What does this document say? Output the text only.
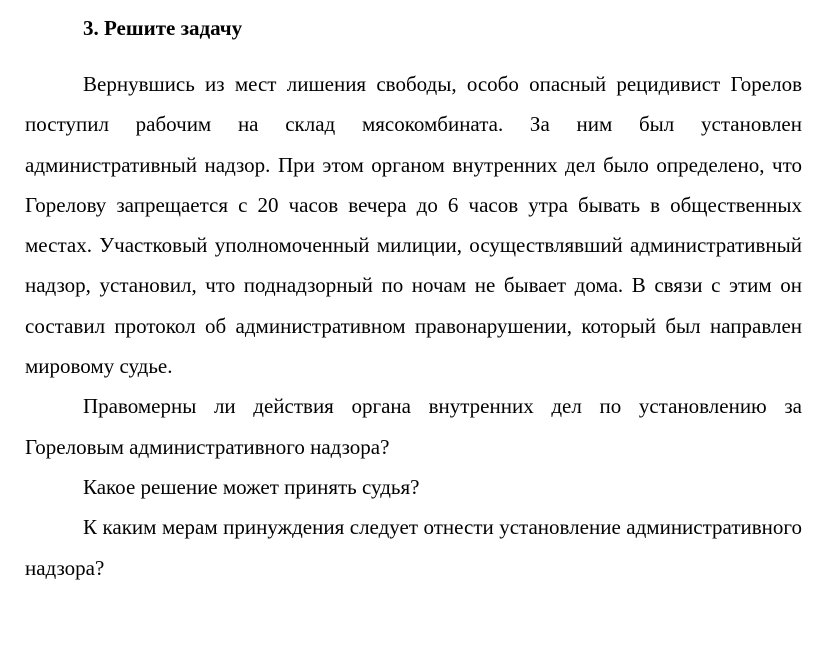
3. Решите задачу

Вернувшись из мест лишения свободы, особо опасный рецидивист Горелов поступил рабочим на склад мясокомбината. За ним был установлен административный надзор. При этом органом внутренних дел было определено, что Горелову запрещается с 20 часов вечера до 6 часов утра бывать в общественных местах. Участковый уполномоченный милиции, осуществлявший административный надзор, установил, что поднадзорный по ночам не бывает дома. В связи с этим он составил протокол об административном правонарушении, который был направлен мировому судье.

Правомерны ли действия органа внутренних дел по установлению за Гореловым административного надзора?

Какое решение может принять судья?

К каким мерам принуждения следует отнести установление административного надзора?
